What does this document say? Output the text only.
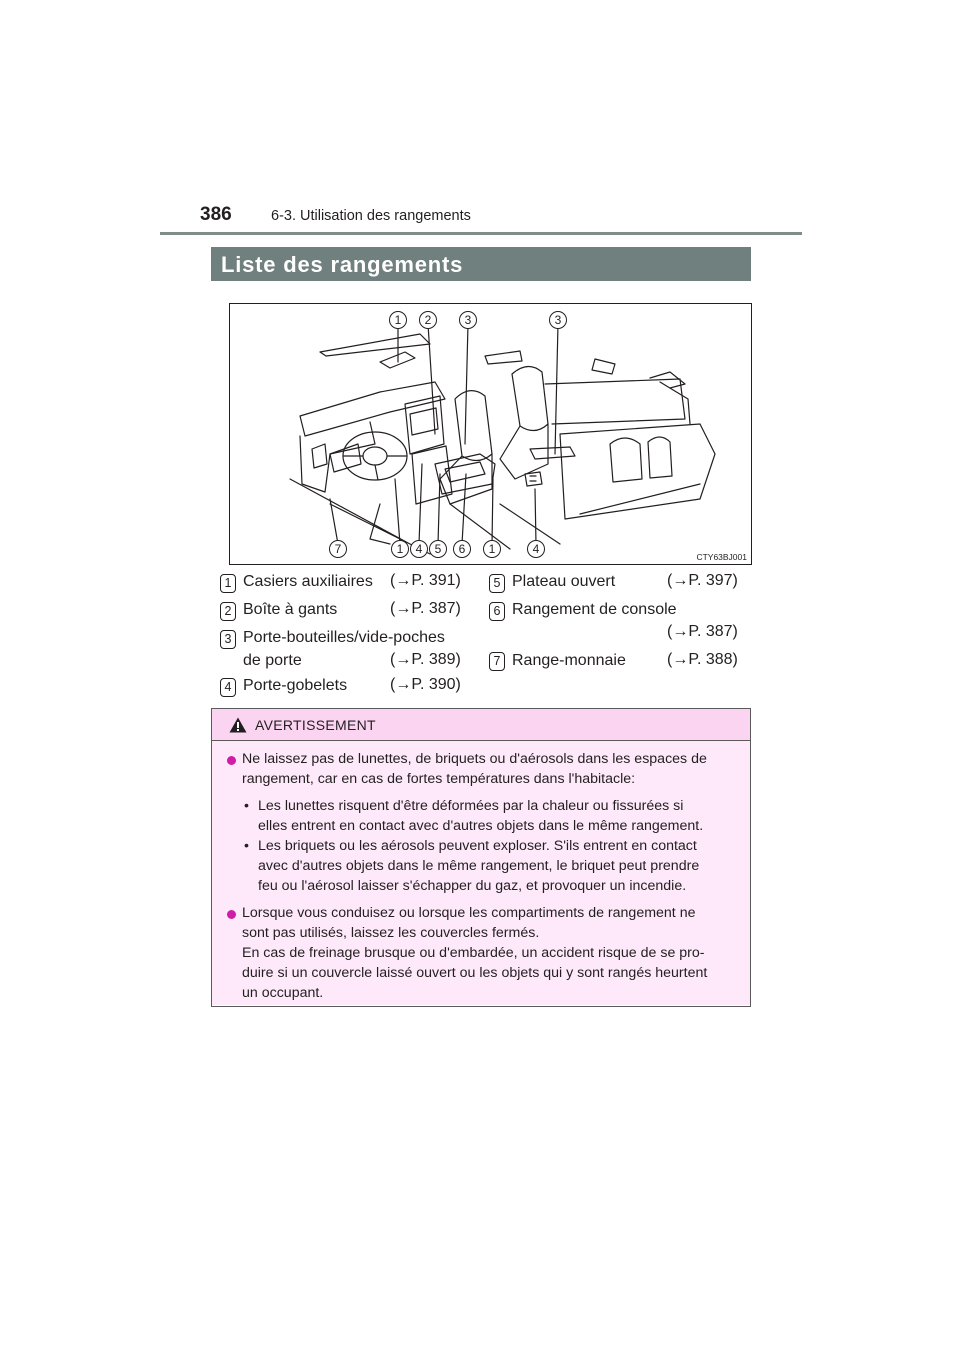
386	6-3. Utilisation des rangements
Liste des rangements
1	2	3	3
7	1	4	5	6	1	4
CTY63BJ001
1 Casiers auxiliaires (→P. 391)
2 Boîte à gants	(→P. 387)
3 Porte-bouteilles/vide-poches
de porte	(→P. 389)
4 Porte-gobelets	(→P. 390)
5 Plateau ouvert	(→P. 397)
6 Rangement de console
(→P. 387)
7 Range-monnaie	(→P. 388)
AVERTISSEMENT
Ne laissez pas de lunettes, de briquets ou d'aérosols dans les espaces de
rangement, car en cas de fortes températures dans l'habitacle:
• Les lunettes risquent d'être déformées par la chaleur ou fissurées si
elles entrent en contact avec d'autres objets dans le même rangement.
• Les briquets ou les aérosols peuvent exploser. S'ils entrent en contact
avec d'autres objets dans le même rangement, le briquet peut prendre
feu ou l'aérosol laisser s'échapper du gaz, et provoquer un incendie.
Lorsque vous conduisez ou lorsque les compartiments de rangement ne
sont pas utilisés, laissez les couvercles fermés.
En cas de freinage brusque ou d'embardée, un accident risque de se pro-
duire si un couvercle laissé ouvert ou les objets qui y sont rangés heurtent
un occupant.
